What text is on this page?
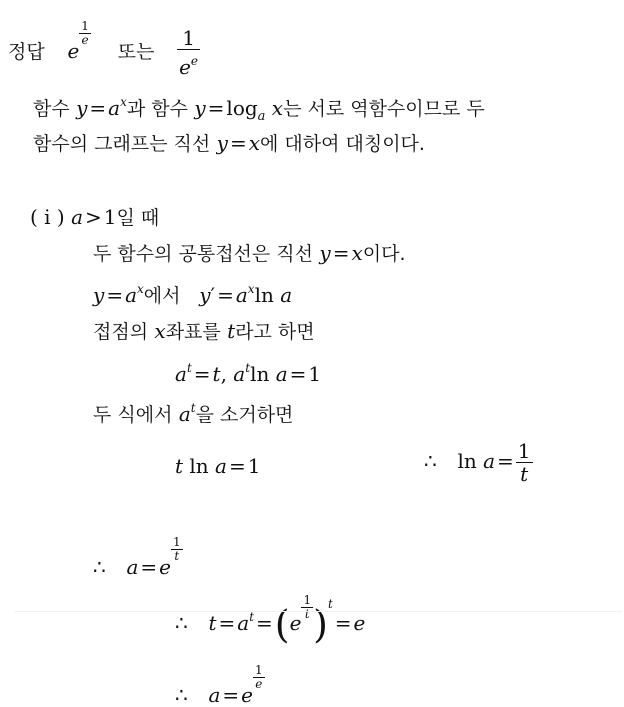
정답 e
$\frac{1}{e}$
또는 $\frac{1}{e^e}$
함수 $y = a^x$과 함수 $y = \log_a x$는 서로 역함수이므로 두
함수의 그래프는 직선 y = x에 대하여 대칭이다.
( i ) a > 1일 때
두 함수의 공통접선은 직선 y = x이다.
$y = a^x$에서 $y' = a^x\ln$ a
접점의 x좌표를 t라고 하면
$a^t = t$, $a^t\ln$ a = 1
두 식에서 $a^t$을 소거하면
t ln a = 1	∴ $\ln a = \frac{1}{t}$
∴ a = e
$\frac{1}{t}$
∴ $t = a^t =(e$
$\frac{1}{t} )^t= e$
∴ a = e
$\frac{1}{e}$
